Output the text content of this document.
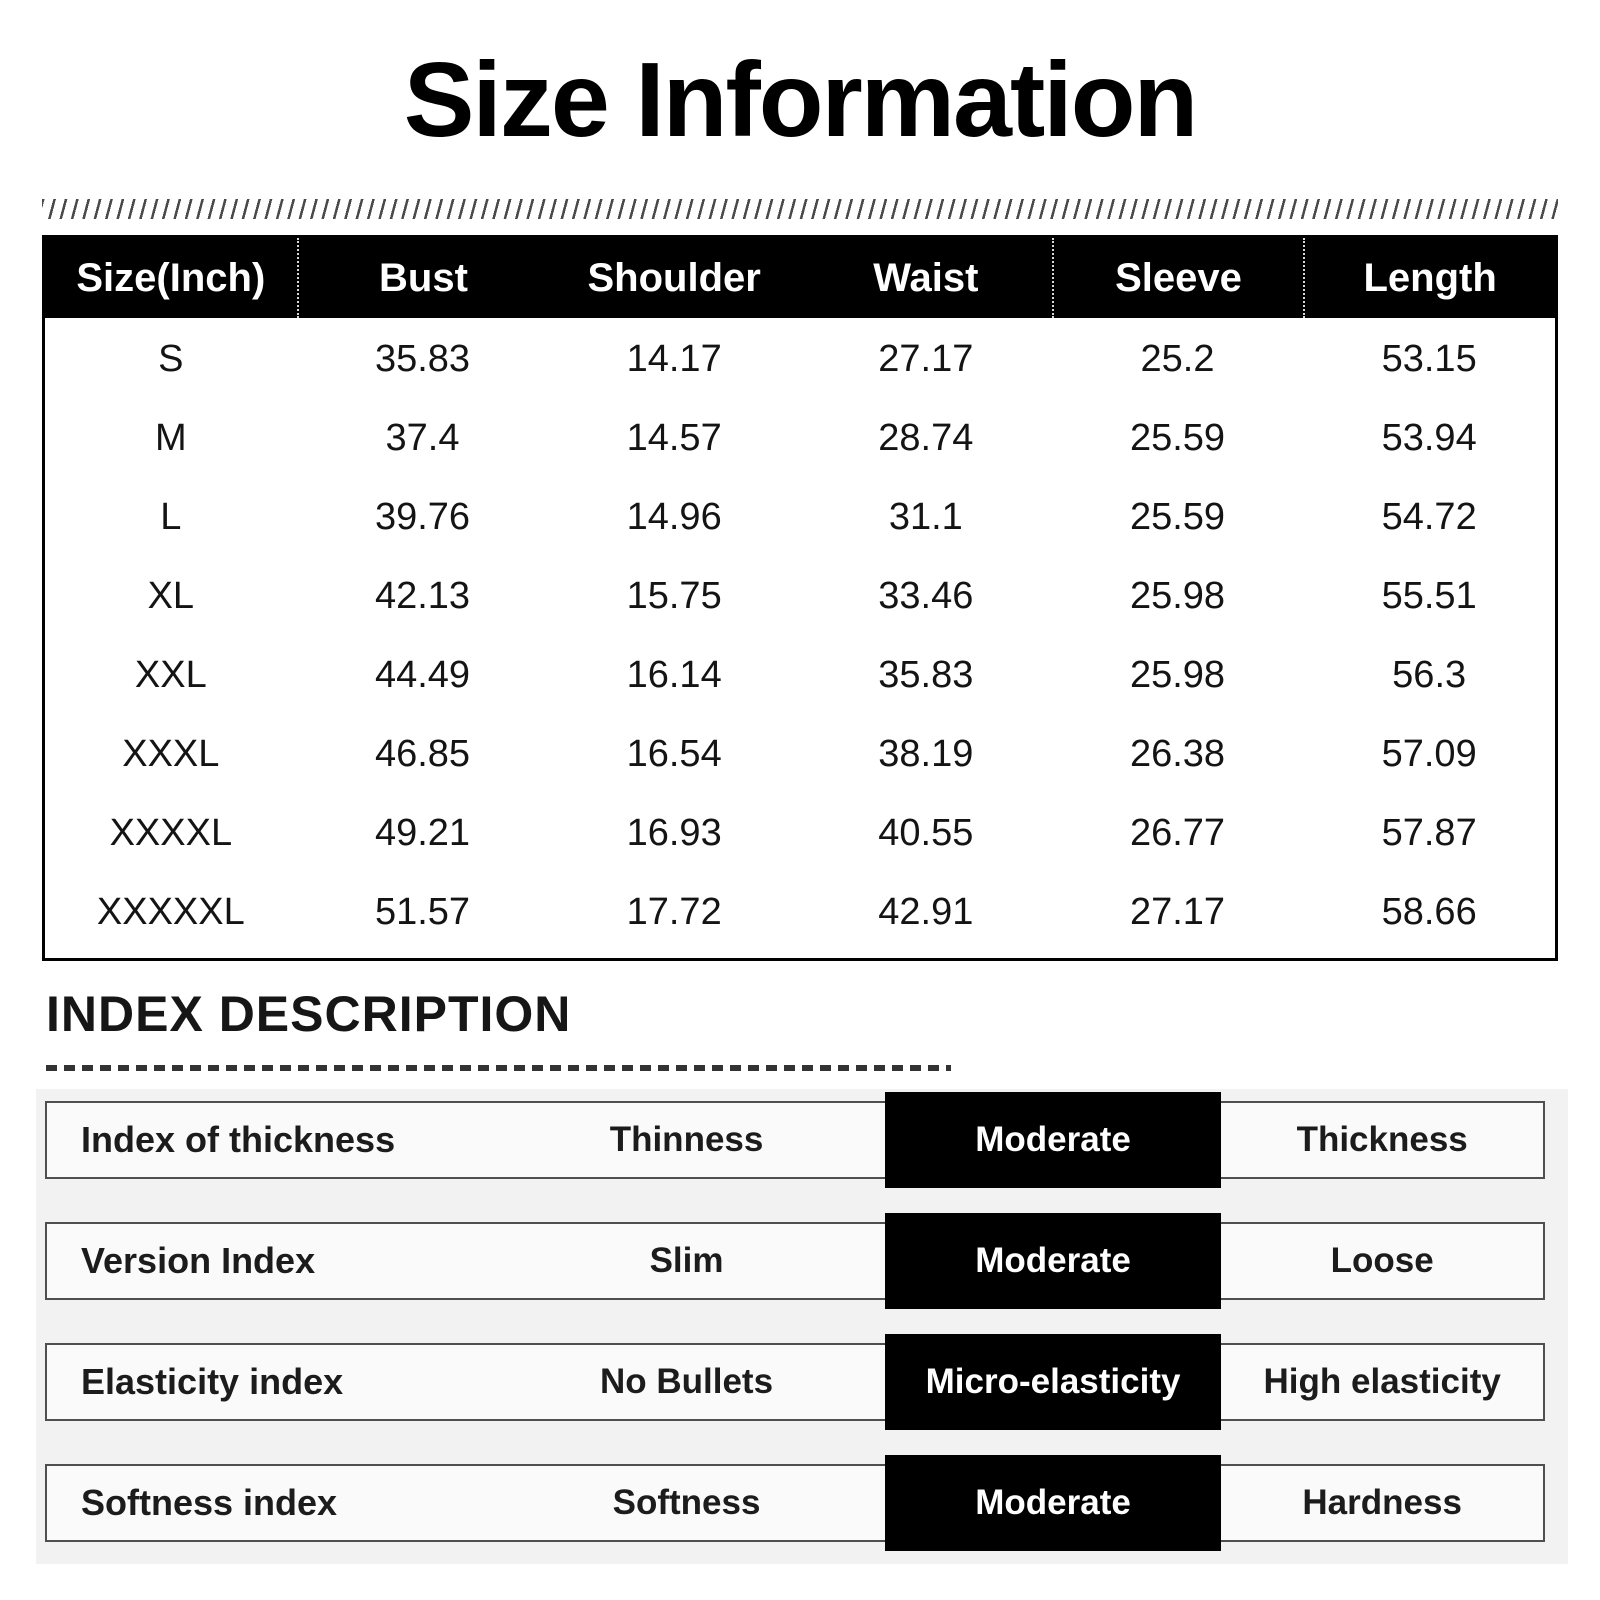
Size Information
Size(Inch)	Bust	Shoulder	Waist	Sleeve	Length
S	35.83	14.17	27.17	25.2	53.15
M	37.4	14.57	28.74	25.59	53.94
L	39.76	14.96	31.1	25.59	54.72
XL	42.13	15.75	33.46	25.98	55.51
XXL	44.49	16.14	35.83	25.98	56.3
XXXL	46.85	16.54	38.19	26.38	57.09
XXXXL	49.21	16.93	40.55	26.77	57.87
XXXXXL	51.57	17.72	42.91	27.17	58.66
INDEX DESCRIPTION
Index of thickness	Thinness	Moderate	Thickness
Version Index	Slim	Moderate	Loose
Elasticity index	No Bullets	Micro-elasticity	High elasticity
Softness index	Softness	Moderate	Hardness
